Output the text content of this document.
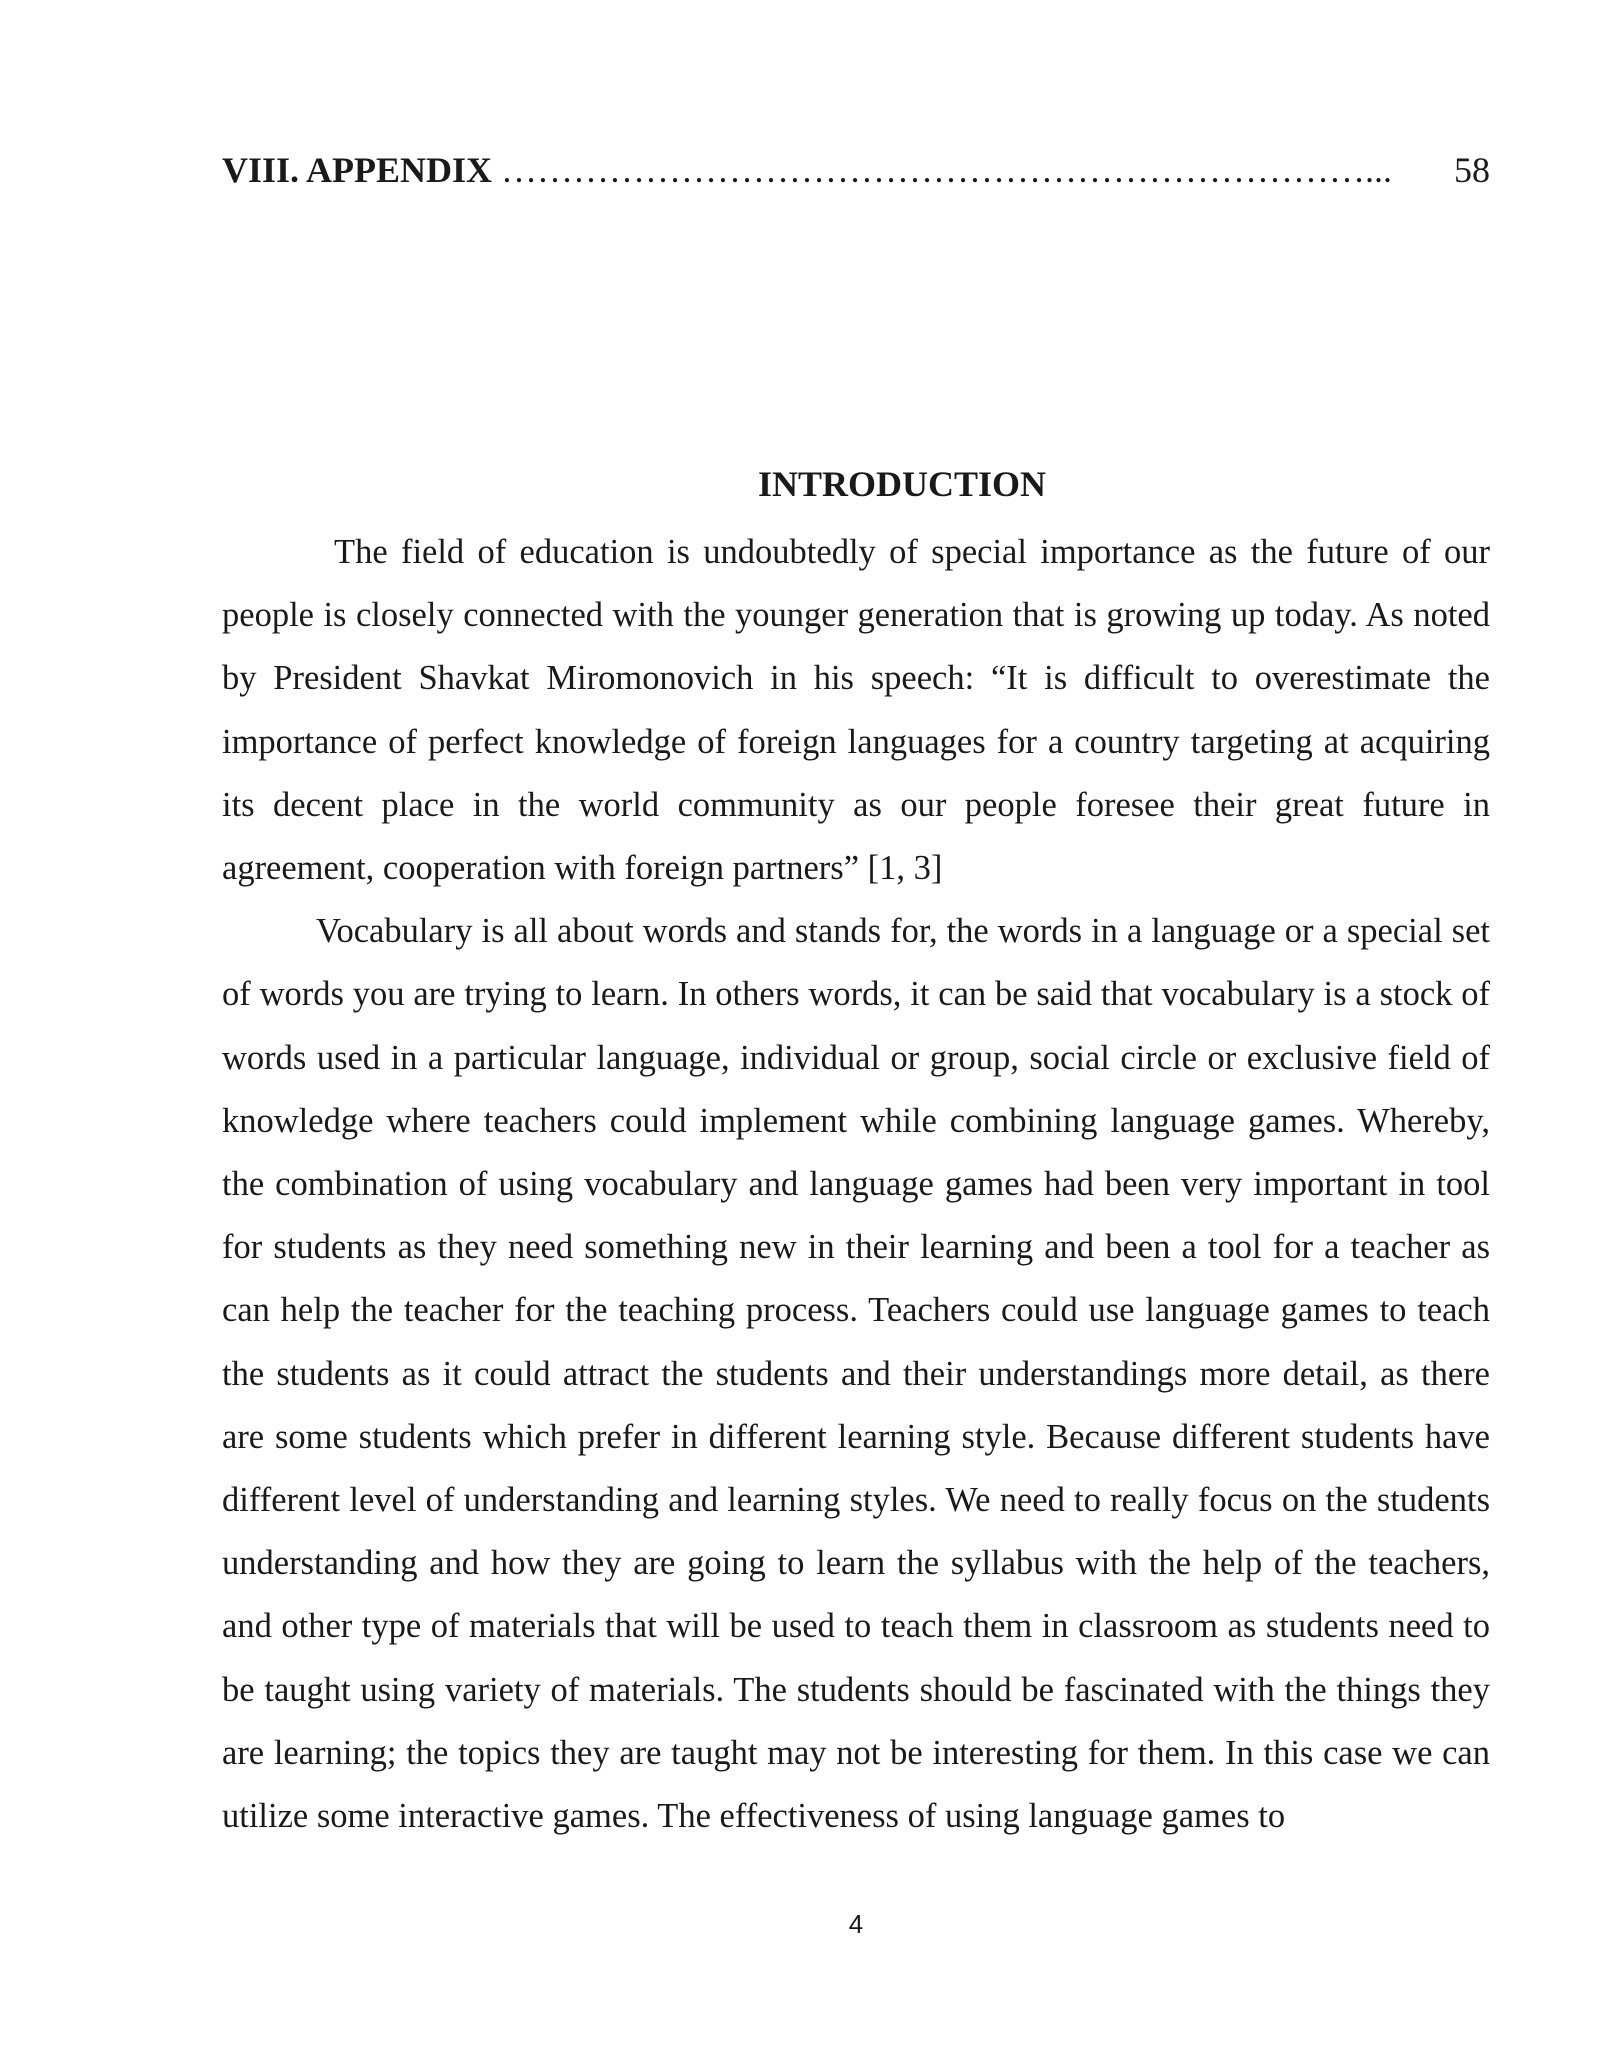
VIII. APPENDIX ………………………………………………………………... 58
INTRODUCTION

The field of education is undoubtedly of special importance as the future of our people is closely connected with the younger generation that is growing up today. As noted by President Shavkat Miromonovich in his speech: “It is difficult to overestimate the importance of perfect knowledge of foreign languages for a country targeting at acquiring its decent place in the world community as our people foresee their great future in agreement, cooperation with foreign partners” [1, 3]

Vocabulary is all about words and stands for, the words in a language or a special set of words you are trying to learn. In others words, it can be said that vocabulary is a stock of words used in a particular language, individual or group, social circle or exclusive field of knowledge where teachers could implement while combining language games. Whereby, the combination of using vocabulary and language games had been very important in tool for students as they need something new in their learning and been a tool for a teacher as can help the teacher for the teaching process. Teachers could use language games to teach the students as it could attract the students and their understandings more detail, as there are some students which prefer in different learning style. Because different students have different level of understanding and learning styles. We need to really focus on the students understanding and how they are going to learn the syllabus with the help of the teachers, and other type of materials that will be used to teach them in classroom as students need to be taught using variety of materials. The students should be fascinated with the things they are learning; the topics they are taught may not be interesting for them. In this case we can utilize some interactive games. The effectiveness of using language games to

4
